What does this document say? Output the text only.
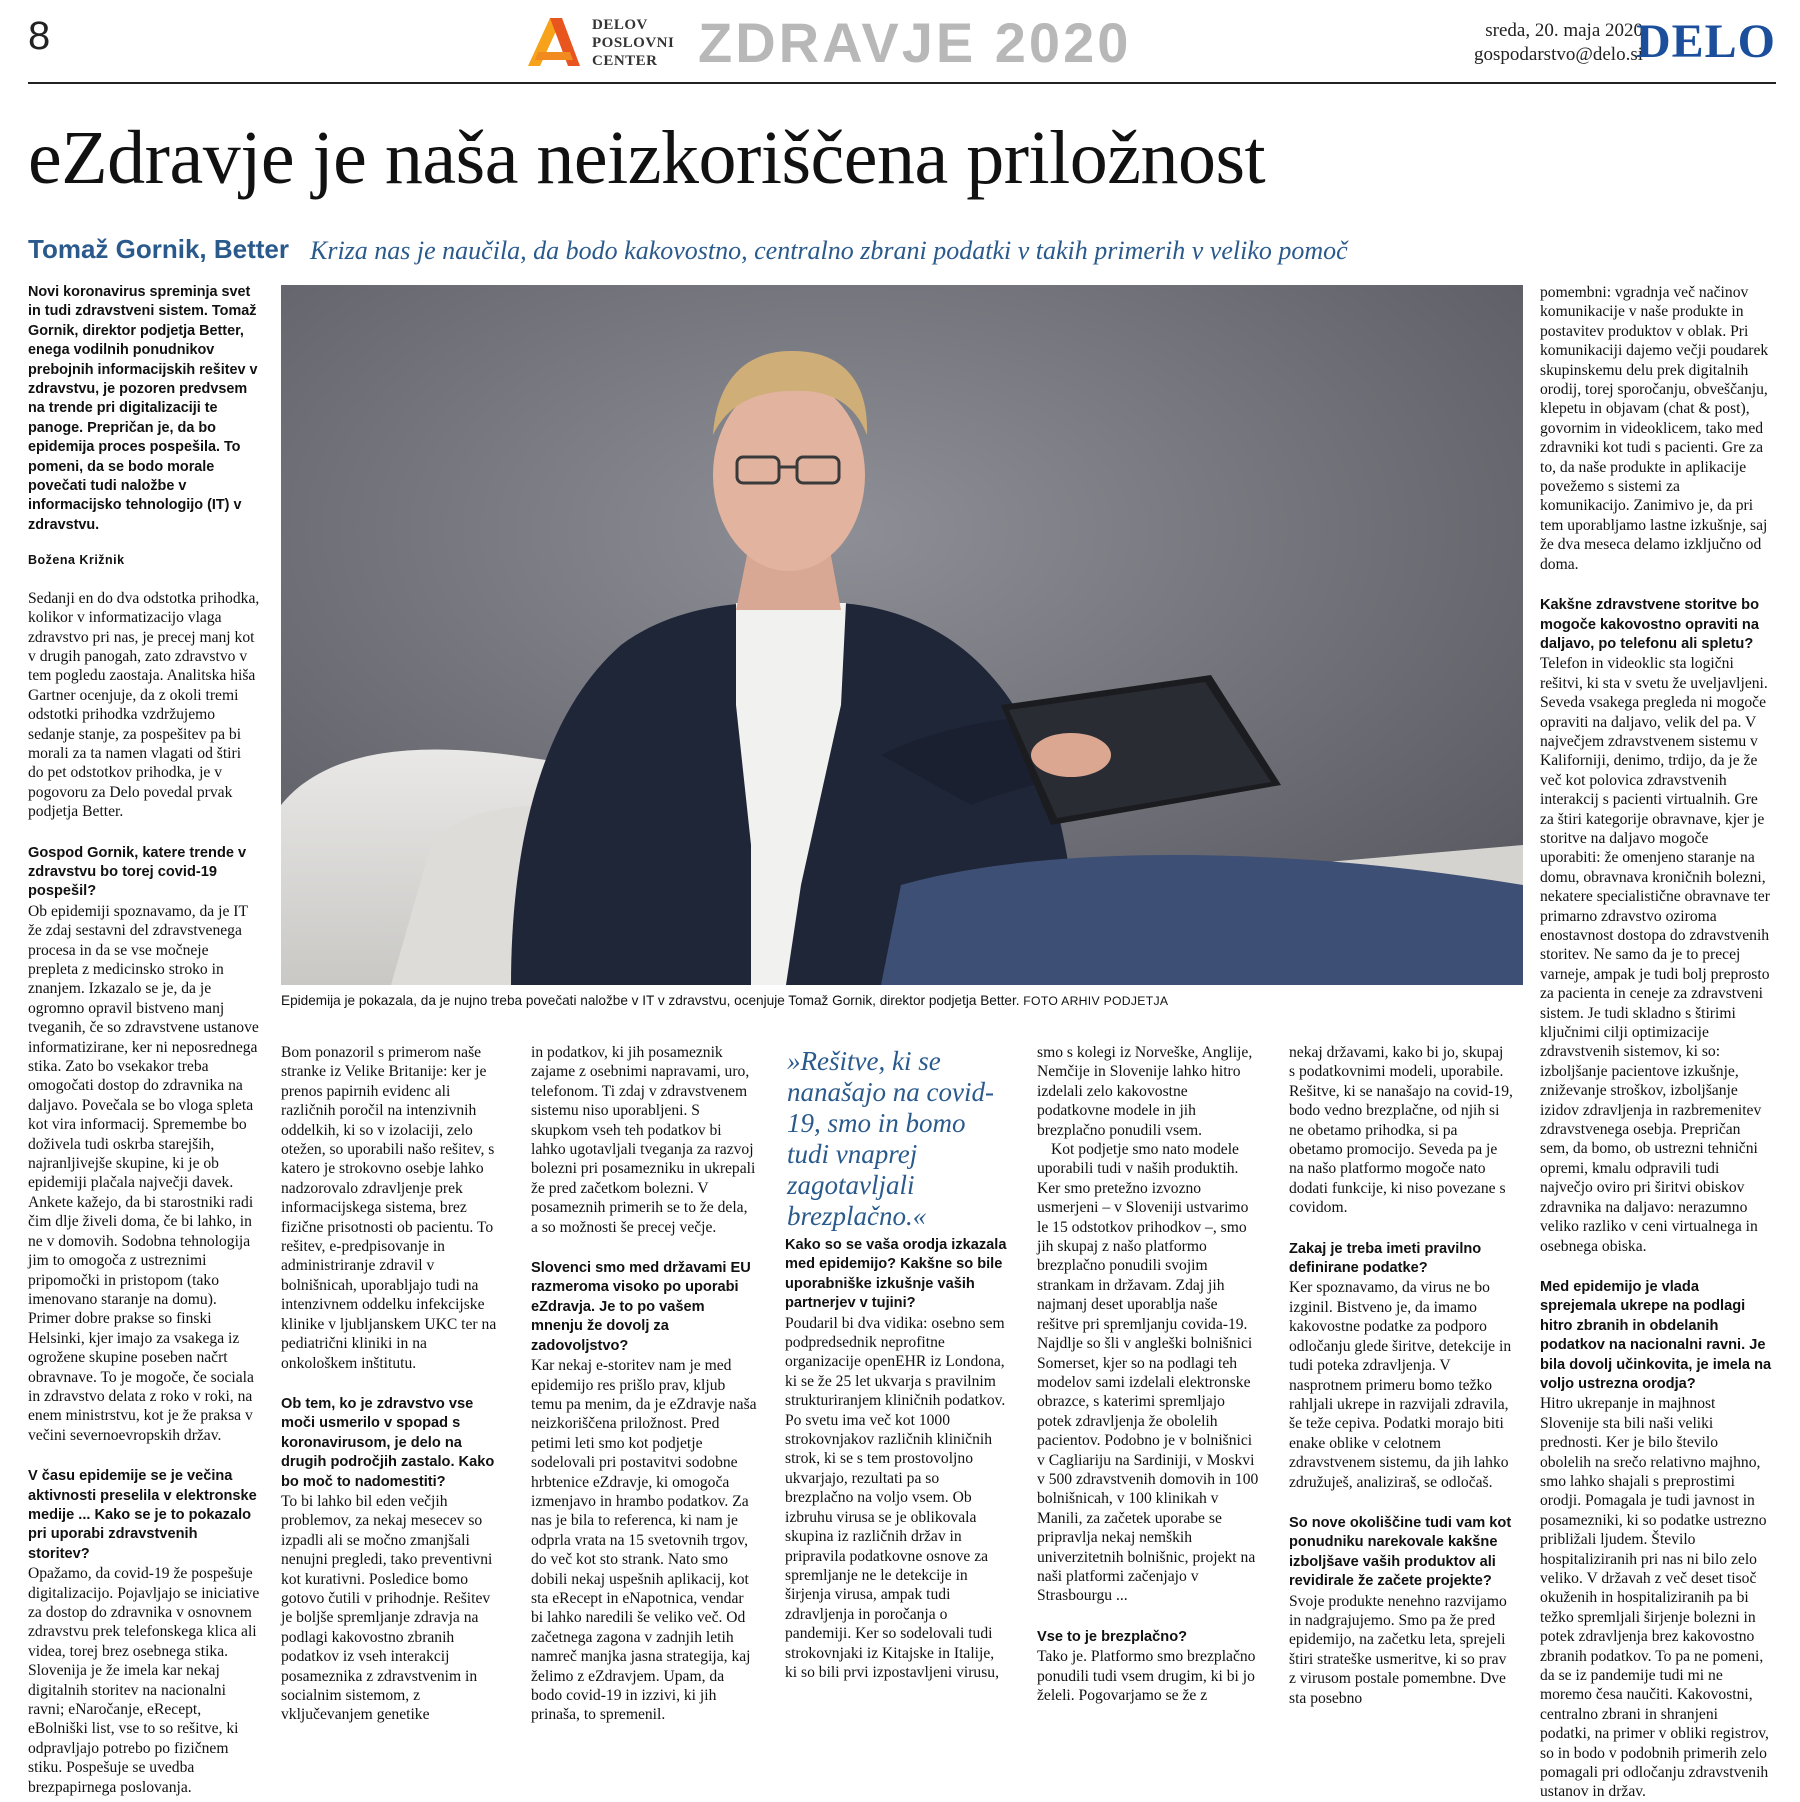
8	DELOV
POSLOVNI
CENTER ZDRAVJE 2020	sreda, 20. maja 2020
gospodarstvo@delo.si
DELO
eZdravje je naša neizkoriščena priložnost
Tomaž Gornik, Better Kriza nas je naučila, da bodo kakovostno, centralno zbrani podatki v takih primerih v veliko pomoč

Novi koronavirus spreminja svet in tudi zdravstveni sistem. Tomaž Gornik, direktor podjetja Better, enega vodilnih ponudnikov prebojnih informacijskih rešitev v zdravstvu, je pozoren predvsem na trende pri digitalizaciji te panoge. Prepričan je, da bo epidemija proces pospešila. To pomeni, da se bodo morale povečati tudi naložbe v informacijsko tehnologijo (IT) v zdravstvu.

Božena Križnik

Sedanji en do dva odstotka prihodka, kolikor v informatizacijo vlaga zdravstvo pri nas, je precej manj kot v drugih panogah, zato zdravstvo v tem pogledu zaostaja. Analitska hiša Gartner ocenjuje, da z okoli tremi odstotki prihodka vzdržujemo sedanje stanje, za pospešitev pa bi morali za ta namen vlagati od štiri do pet odstotkov prihodka, je v pogovoru za Delo povedal prvak podjetja Better.

Gospod Gornik, katere trende v zdravstvu bo torej covid-19 pospešil?

Ob epidemiji spoznavamo, da je IT že zdaj sestavni del zdravstvenega procesa in da se vse močneje prepleta z medicinsko stroko in znanjem. Izkazalo se je, da je ogromno opravil bistveno manj tveganih, če so zdravstvene ustanove informatizirane, ker ni neposrednega stika. Zato bo vsekakor treba omogočati dostop do zdravnika na daljavo. Povečala se bo vloga spleta kot vira informacij. Spremembe bo doživela tudi oskrba starejših, najranljivejše skupine, ki je ob epidemiji plačala največji davek. Ankete kažejo, da bi starostniki radi čim dlje živeli doma, če bi lahko, in ne v domovih. Sodobna tehnologija jim to omogoča z ustreznimi pripomočki in pristopom (tako imenovano staranje na domu). Primer dobre prakse so finski Helsinki, kjer imajo za vsakega iz ogrožene skupine poseben načrt obravnave. To je mogoče, če sociala in zdravstvo delata z roko v roki, na enem ministrstvu, kot je že praksa v večini severnoevropskih držav.

V času epidemije se je večina aktivnosti preselila v elektronske medije ... Kako se je to pokazalo pri uporabi zdravstvenih storitev?

Opažamo, da covid-19 že pospešuje digitalizacijo. Pojavljajo se iniciative za dostop do zdravnika v osnovnem zdravstvu prek telefonskega klica ali videa, torej brez osebnega stika. Slovenija je že imela kar nekaj digitalnih storitev na nacionalni ravni; eNaročanje, eRecept, eBolniški list, vse to so rešitve, ki odpravljajo potrebo po fizičnem stiku. Pospešuje se uvedba brezpapirnega poslovanja.

Epidemija je pokazala, da je nujno treba povečati naložbe v IT v zdravstvu, ocenjuje Tomaž Gornik, direktor podjetja Better. FOTO ARHIV PODJETJA

Bom ponazoril s primerom naše stranke iz Velike Britanije: ker je prenos papirnih evidenc ali različnih poročil na intenzivnih oddelkih, ki so v izolaciji, zelo otežen, so uporabili našo rešitev, s katero je strokovno osebje lahko nadzorovalo zdravljenje prek informacijskega sistema, brez fizične prisotnosti ob pacientu. To rešitev, e-predpisovanje in administriranje zdravil v bolnišnicah, uporabljajo tudi na intenzivnem oddelku infekcijske klinike v ljubljanskem UKC ter na pediatrični kliniki in na onkološkem inštitutu.

Ob tem, ko je zdravstvo vse moči usmerilo v spopad s koronavirusom, je delo na drugih področjih zastalo. Kako bo moč to nadomestiti?

To bi lahko bil eden večjih problemov, za nekaj mesecev so izpadli ali se močno zmanjšali nenujni pregledi, tako preventivni kot kurativni. Posledice bomo gotovo čutili v prihodnje. Rešitev je boljše spremljanje zdravja na podlagi kakovostno zbranih podatkov iz vseh interakcij posameznika z zdravstvenim in socialnim sistemom, z vključevanjem genetike

in podatkov, ki jih posameznik zajame z osebnimi napravami, uro, telefonom. Ti zdaj v zdravstvenem sistemu niso uporabljeni. S skupkom vseh teh podatkov bi lahko ugotavljali tveganja za razvoj bolezni pri posamezniku in ukrepali že pred začetkom bolezni. V posameznih primerih se to že dela, a so možnosti še precej večje.

Slovenci smo med državami EU razmeroma visoko po uporabi eZdravja. Je to po vašem mnenju že dovolj za zadovoljstvo?

Kar nekaj e-storitev nam je med epidemijo res prišlo prav, kljub temu pa menim, da je eZdravje naša neizkoriščena priložnost. Pred petimi leti smo kot podjetje sodelovali pri postavitvi sodobne hrbtenice eZdravje, ki omogoča izmenjavo in hrambo podatkov. Za nas je bila to referenca, ki nam je odprla vrata na 15 svetovnih trgov, do več kot sto strank. Nato smo dobili nekaj uspešnih aplikacij, kot sta eRecept in eNapotnica, vendar bi lahko naredili še veliko več. Od začetnega zagona v zadnjih letih namreč manjka jasna strategija, kaj želimo z eZdravjem. Upam, da bodo covid-19 in izzivi, ki jih prinaša, to spremenil.

»Rešitve, ki se nanašajo na covid-19, smo in bomo tudi vnaprej zagotavljali brezplačno.«

Kako so se vaša orodja izkazala med epidemijo? Kakšne so bile uporabniške izkušnje vaših partnerjev v tujini?

Poudaril bi dva vidika: osebno sem podpredsednik neprofitne organizacije openEHR iz Londona, ki se že 25 let ukvarja s pravilnim strukturiranjem kliničnih podatkov. Po svetu ima več kot 1000 strokovnjakov različnih kliničnih strok, ki se s tem prostovoljno ukvarjajo, rezultati pa so brezplačno na voljo vsem. Ob izbruhu virusa se je oblikovala skupina iz različnih držav in pripravila podatkovne osnove za spremljanje ne le detekcije in širjenja virusa, ampak tudi zdravljenja in poročanja o pandemiji. Ker so sodelovali tudi strokovnjaki iz Kitajske in Italije, ki so bili prvi izpostavljeni virusu,

smo s kolegi iz Norveške, Anglije, Nemčije in Slovenije lahko hitro izdelali zelo kakovostne podatkovne modele in jih brezplačno ponudili vsem.

Kot podjetje smo nato modele uporabili tudi v naših produktih. Ker smo pretežno izvozno usmerjeni – v Sloveniji ustvarimo le 15 odstotkov prihodkov –, smo jih skupaj z našo platformo brezplačno ponudili svojim strankam in državam. Zdaj jih najmanj deset uporablja naše rešitve pri spremljanju covida-19. Najdlje so šli v angleški bolnišnici Somerset, kjer so na podlagi teh modelov sami izdelali elektronske obrazce, s katerimi spremljajo potek zdravljenja že obolelih pacientov. Podobno je v bolnišnici v Cagliariju na Sardiniji, v Moskvi v 500 zdravstvenih domovih in 100 bolnišnicah, v 100 klinikah v Manili, za začetek uporabe se pripravlja nekaj nemških univerzitetnih bolnišnic, projekt na naši platformi začenjajo v Strasbourgu ...

Vse to je brezplačno?

Tako je. Platformo smo brezplačno ponudili tudi vsem drugim, ki bi jo želeli. Pogovarjamo se že z

nekaj državami, kako bi jo, skupaj s podatkovnimi modeli, uporabile. Rešitve, ki se nanašajo na covid-19, bodo vedno brezplačne, od njih si ne obetamo prihodka, si pa obetamo promocijo. Seveda pa je na našo platformo mogoče nato dodati funkcije, ki niso povezane s covidom.

Zakaj je treba imeti pravilno definirane podatke?

Ker spoznavamo, da virus ne bo izginil. Bistveno je, da imamo kakovostne podatke za podporo odločanju glede širitve, detekcije in tudi poteka zdravljenja. V nasprotnem primeru bomo težko rahljali ukrepe in razvijali zdravila, še teže cepiva. Podatki morajo biti enake oblike v celotnem zdravstvenem sistemu, da jih lahko združuješ, analiziraš, se odločaš.

So nove okoliščine tudi vam kot ponudniku narekovale kakšne izboljšave vaših produktov ali revidirale že začete projekte?

Svoje produkte nenehno razvijamo in nadgrajujemo. Smo pa že pred epidemijo, na začetku leta, sprejeli štiri strateške usmeritve, ki so prav z virusom postale pomembne. Dve sta posebno

pomembni: vgradnja več načinov komunikacije v naše produkte in postavitev produktov v oblak. Pri komunikaciji dajemo večji poudarek skupinskemu delu prek digitalnih orodij, torej sporočanju, obveščanju, klepetu in objavam (chat & post), govornim in videoklicem, tako med zdravniki kot tudi s pacienti. Gre za to, da naše produkte in aplikacije povežemo s sistemi za komunikacijo. Zanimivo je, da pri tem uporabljamo lastne izkušnje, saj že dva meseca delamo izključno od doma.

Kakšne zdravstvene storitve bo mogoče kakovostno opraviti na daljavo, po telefonu ali spletu?

Telefon in videoklic sta logični rešitvi, ki sta v svetu že uveljavljeni. Seveda vsakega pregleda ni mogoče opraviti na daljavo, velik del pa. V največjem zdravstvenem sistemu v Kaliforniji, denimo, trdijo, da je že več kot polovica zdravstvenih interakcij s pacienti virtualnih. Gre za štiri kategorije obravnave, kjer je storitve na daljavo mogoče uporabiti: že omenjeno staranje na domu, obravnava kroničnih bolezni, nekatere specialistične obravnave ter primarno zdravstvo oziroma enostavnost dostopa do zdravstvenih storitev. Ne samo da je to precej varneje, ampak je tudi bolj preprosto za pacienta in ceneje za zdravstveni sistem. Je tudi skladno s štirimi ključnimi cilji optimizacije zdravstvenih sistemov, ki so: izboljšanje pacientove izkušnje, zniževanje stroškov, izboljšanje izidov zdravljenja in razbremenitev zdravstvenega osebja. Prepričan sem, da bomo, ob ustrezni tehnični opremi, kmalu odpravili tudi največjo oviro pri širitvi obiskov zdravnika na daljavo: nerazumno veliko razliko v ceni virtualnega in osebnega obiska.

Med epidemijo je vlada sprejemala ukrepe na podlagi hitro zbranih in obdelanih podatkov na nacionalni ravni. Je bila dovolj učinkovita, je imela na voljo ustrezna orodja?

Hitro ukrepanje in majhnost Slovenije sta bili naši veliki prednosti. Ker je bilo število obolelih na srečo relativno majhno, smo lahko shajali s preprostimi orodji. Pomagala je tudi javnost in posamezniki, ki so podatke ustrezno približali ljudem. Število hospitaliziranih pri nas ni bilo zelo veliko. V državah z več deset tisoč okuženih in hospitaliziranih pa bi težko spremljali širjenje bolezni in potek zdravljenja brez kakovostno zbranih podatkov. To pa ne pomeni, da se iz pandemije tudi mi ne moremo česa naučiti. Kakovostni, centralno zbrani in shranjeni podatki, na primer v obliki registrov, so in bodo v podobnih primerih zelo pomagali pri odločanju zdravstvenih ustanov in držav.
